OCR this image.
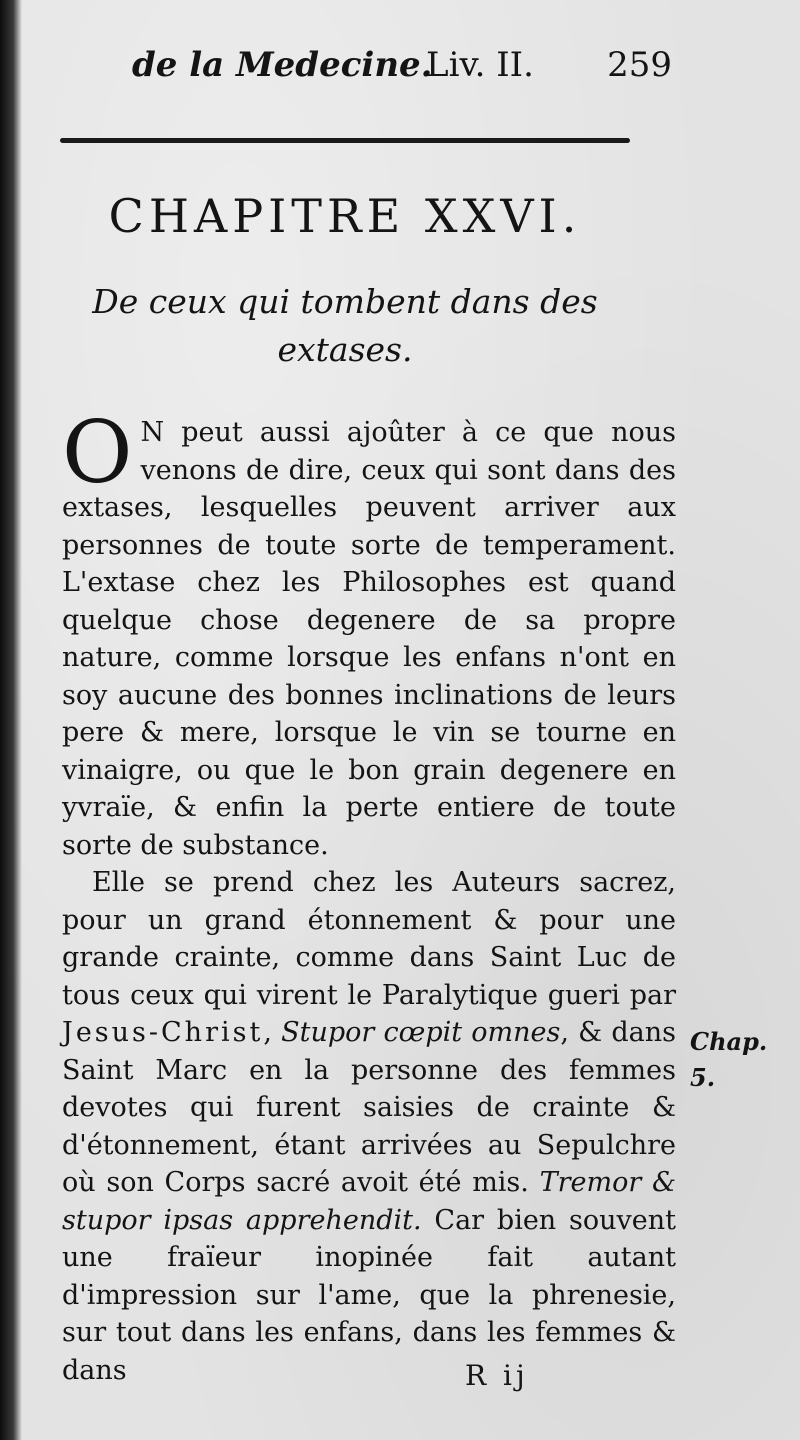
de la Medecine.
Liv. II. 259
CHAPITRE XXVI.
De ceux qui tombent dans des extases.

O N peut aussi ajoûter à ce que nous venons de dire, ceux qui sont dans des extases, lesquelles peuvent arriver aux personnes de toute sorte de temperament. L'extase chez les Philosophes est quand quelque chose degenere de sa propre nature, comme lorsque les enfans n'ont en soy aucune des bonnes inclinations de leurs pere & mere, lorsque le vin se tourne en vinaigre, ou que le bon grain degenere en yvraïe, & enfin la perte entiere de toute sorte de substance.

Elle se prend chez les Auteurs sacrez, pour un grand étonnement & pour une grande crainte, comme dans Saint Luc de tous ceux qui virent le Paralytique gueri par Jesus-Christ, Stupor cœpit omnes, & dans Saint Marc en la personne des femmes devotes qui furent saisies de crainte & d'étonnement, étant arrivées au Sepulchre où son Corps sacré avoit été mis. Tremor & stupor ipsas apprehendit. Car bien souvent une fraïeur inopinée fait autant d'impression sur l'ame, que la phrenesie, sur tout dans les enfans, dans les femmes & dans

Chap. 5.
R ij
